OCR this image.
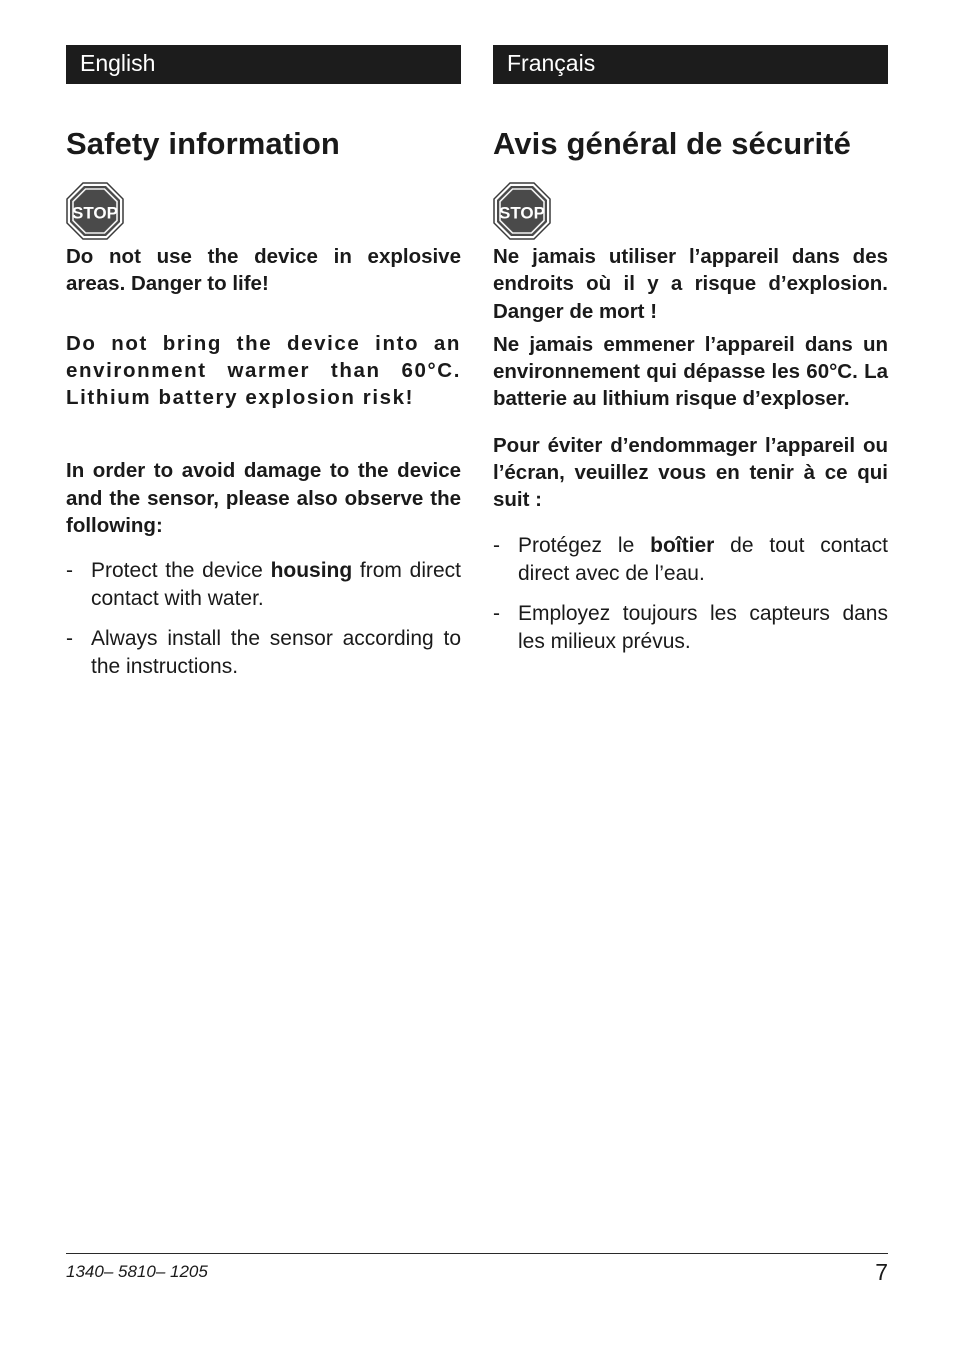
English
Safety information
STOP

Do not use the device in explosive areas. Danger to life!

Do not bring the device into an environment warmer than 60°C. Lithium battery explosion risk!

In order to avoid damage to the device and the sensor, please also observe the following:

- Protect the device housing from direct contact with water.
- Always install the sensor according to the instructions.
Français
Avis général de sécurité
STOP

Ne jamais utiliser l’appareil dans des endroits où il y a risque d’explosion. Danger de mort !

Ne jamais emmener l’appareil dans un environnement qui dépasse les 60°C. La batterie au lithium risque d’exploser.

Pour éviter d’endommager l’appareil ou l’écran, veuillez vous en tenir à ce qui suit :

- Protégez le boîtier de tout contact direct avec de l’eau.
- Employez toujours les capteurs dans les milieux prévus.
1340– 5810– 1205	7
